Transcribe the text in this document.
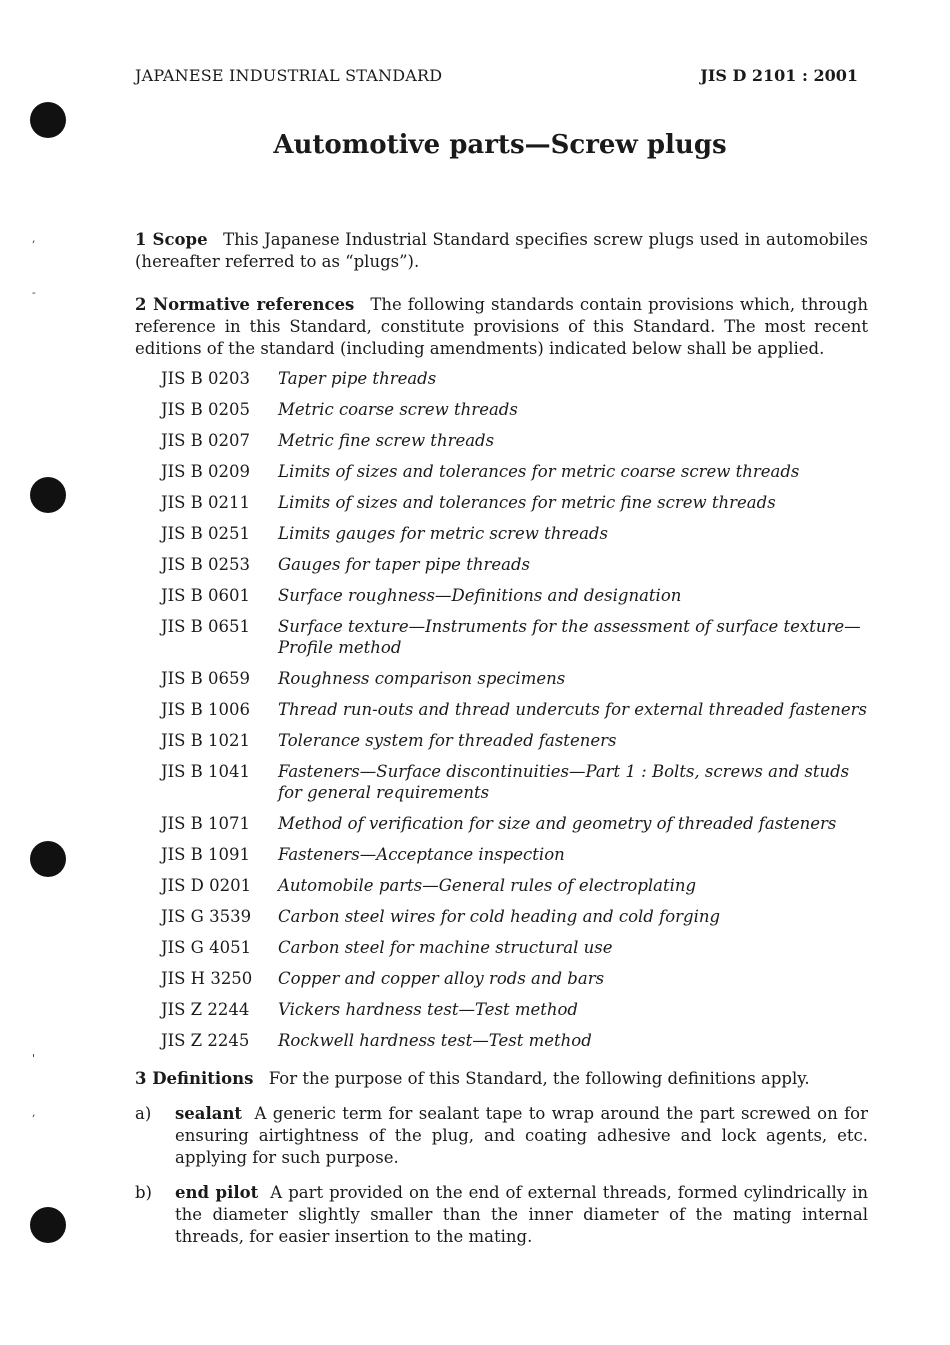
,
-
'
,
JAPANESE INDUSTRIAL STANDARD	JIS D 2101 : 2001
Automotive parts—Screw plugs
1 Scope This Japanese Industrial Standard specifies screw plugs used in automobiles (hereafter referred to as “plugs”).
2 Normative references The following standards contain provisions which, through reference in this Standard, constitute provisions of this Standard. The most recent editions of the standard (including amendments) indicated below shall be applied.
JIS B 0203	Taper pipe threads
JIS B 0205	Metric coarse screw threads
JIS B 0207	Metric fine screw threads
JIS B 0209	Limits of sizes and tolerances for metric coarse screw threads
JIS B 0211	Limits of sizes and tolerances for metric fine screw threads
JIS B 0251	Limits gauges for metric screw threads
JIS B 0253	Gauges for taper pipe threads
JIS B 0601	Surface roughness—Definitions and designation
JIS B 0651	Surface texture—Instruments for the assessment of surface texture— Profile method
JIS B 0659	Roughness comparison specimens
JIS B 1006	Thread run-outs and thread undercuts for external threaded fasteners
JIS B 1021	Tolerance system for threaded fasteners
JIS B 1041	Fasteners—Surface discontinuities—Part 1 : Bolts, screws and studs for general requirements
JIS B 1071	Method of verification for size and geometry of threaded fasteners
JIS B 1091	Fasteners—Acceptance inspection
JIS D 0201	Automobile parts—General rules of electroplating
JIS G 3539	Carbon steel wires for cold heading and cold forging
JIS G 4051	Carbon steel for machine structural use
JIS H 3250	Copper and copper alloy rods and bars
JIS Z 2244	Vickers hardness test—Test method
JIS Z 2245	Rockwell hardness test—Test method
3 Definitions For the purpose of this Standard, the following definitions apply.
a)	sealant A generic term for sealant tape to wrap around the part screwed on for ensuring airtightness of the plug, and coating adhesive and lock agents, etc. applying for such purpose.
b)	end pilot A part provided on the end of external threads, formed cylindrically in the diameter slightly smaller than the inner diameter of the mating internal threads, for easier insertion to the mating.
